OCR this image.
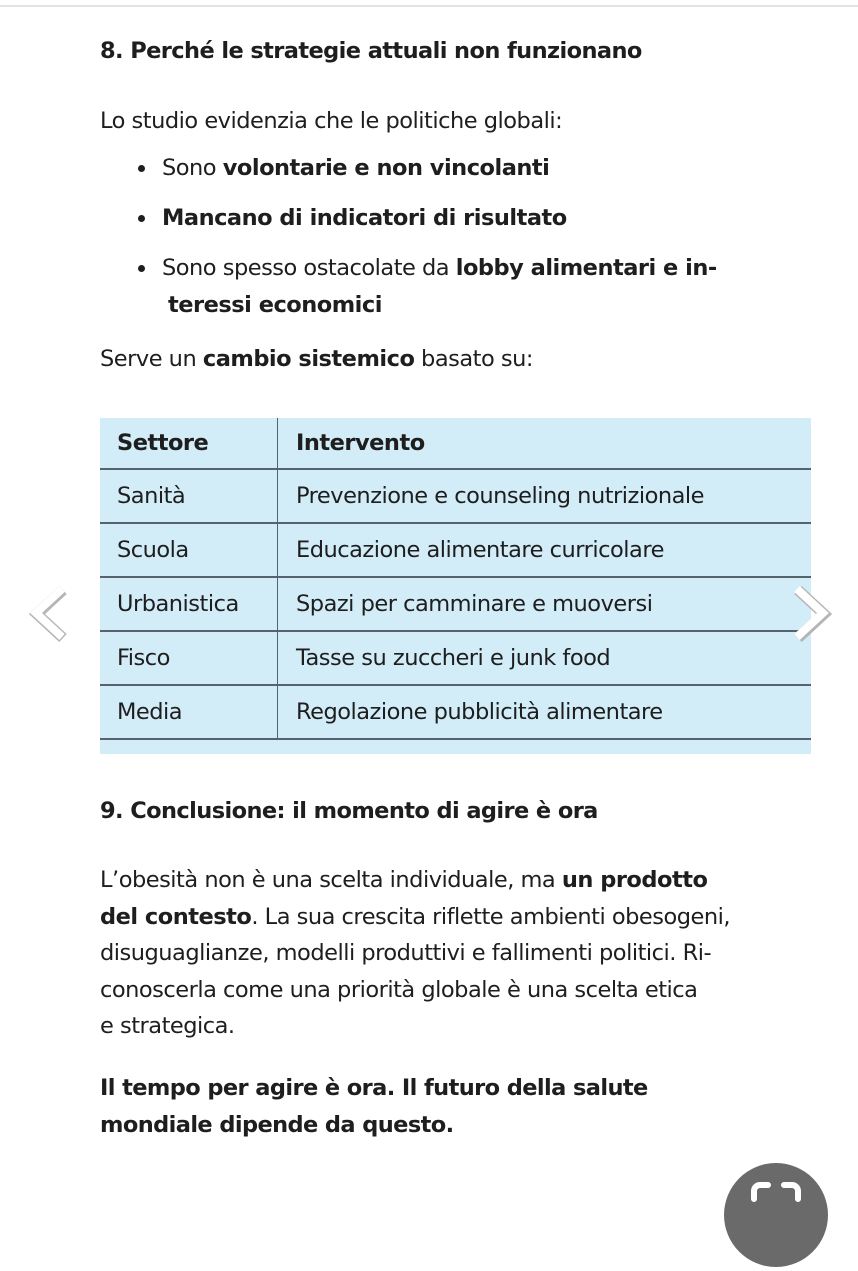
8. Perché le strategie attuali non funzionano

Lo studio evidenzia che le politiche globali:

Sono volontarie e non vincolanti
Mancano di indicatori di risultato
Sono spesso ostacolate da lobby alimentari e in-
teressi economici

Serve un cambio sistemico basato su:

Settore	Intervento
Sanità	Prevenzione e counseling nutrizionale
Scuola	Educazione alimentare curricolare
Urbanistica	Spazi per camminare e muoversi
Fisco	Tasse su zuccheri e junk food
Media	Regolazione pubblicità alimentare
9. Conclusione: il momento di agire è ora
L’obesità non è una scelta individuale, ma un prodotto
del contesto. La sua crescita riflette ambienti obesogeni,
disuguaglianze, modelli produttivi e fallimenti politici. Ri-
conoscerla come una priorità globale è una scelta etica
e strategica.
Il tempo per agire è ora. Il futuro della salute
mondiale dipende da questo.
